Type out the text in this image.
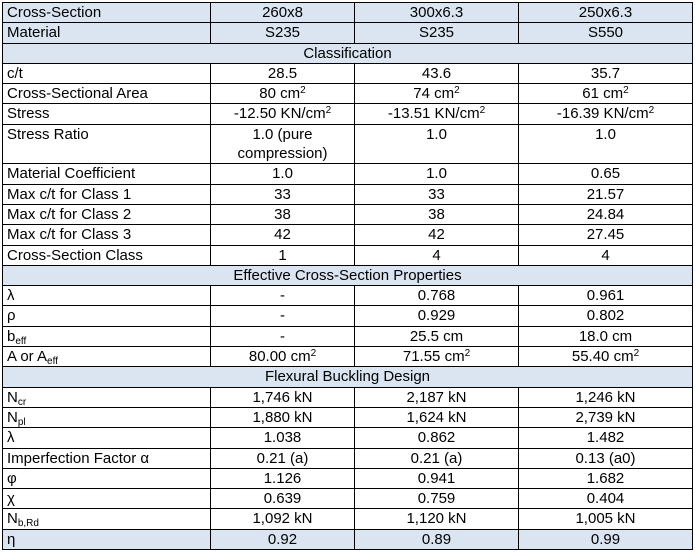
Cross-Section	260x8	300x6.3	250x6.3
Material	S235	S235	S550
Classification			
c/t	28.5	43.6	35.7
Cross-Sectional Area	80 $cm^2$	74 $cm^2$	61 $cm^2$
Stress	-12.50 $KN/cm^2$	-13.51 $KN/cm^2$	-16.39 $KN/cm^2$
Stress Ratio	1.0 (pure compression)	1.0	1.0
Material Coefficient	1.0	1.0	0.65
Max c/t for Class 1	33	33	21.57
Max c/t for Class 2	38	38	24.84
Max c/t for Class 3	42	42	27.45
Cross-Section Class	1	4	4
Effective Cross-Section Properties			
λ	-	0.768	0.961
ρ	-	0.929	0.802
$b_{eff}$	-	25.5 cm	18.0 cm
A or $A_{eff}$	80.00 $cm^2$	71.55 $cm^2$	55.40 $cm^2$
Flexural Buckling Design			
$N_{cr}$	1,746 kN	2,187 kN	1,246 kN
$N_{pl}$	1,880 kN	1,624 kN	2,739 kN
λ	1.038	0.862	1.482
Imperfection Factor α	0.21 (a)	0.21 (a)	0.13 (a0)
φ	1.126	0.941	1.682
χ	0.639	0.759	0.404
$N_{b,Rd}$	1,092 kN	1,120 kN	1,005 kN
η	0.92	0.89	0.99
